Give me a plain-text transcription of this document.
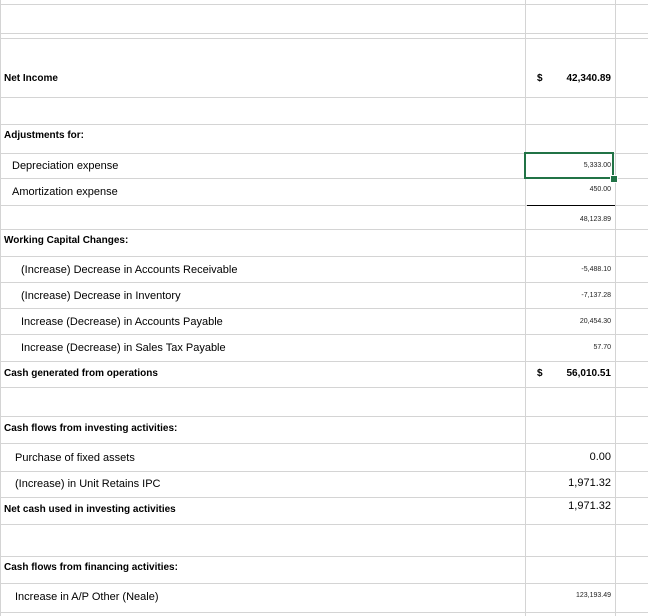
Net Income	$ 42,340.89
Adjustments for:
Depreciation expense	5,333.00
Amortization expense	450.00
48,123.89
Working Capital Changes:
(Increase) Decrease in Accounts Receivable	-5,488.10
(Increase) Decrease in Inventory	-7,137.28
Increase (Decrease) in Accounts Payable	20,454.30
Increase (Decrease) in Sales Tax Payable	57.70
Cash generated from operations	$ 56,010.51
Cash flows from investing activities:
Purchase of fixed assets	0.00
(Increase) in Unit Retains IPC	1,971.32
Net cash used in investing activities	1,971.32
Cash flows from financing activities:
Increase in A/P Other (Neale)	123,193.49
